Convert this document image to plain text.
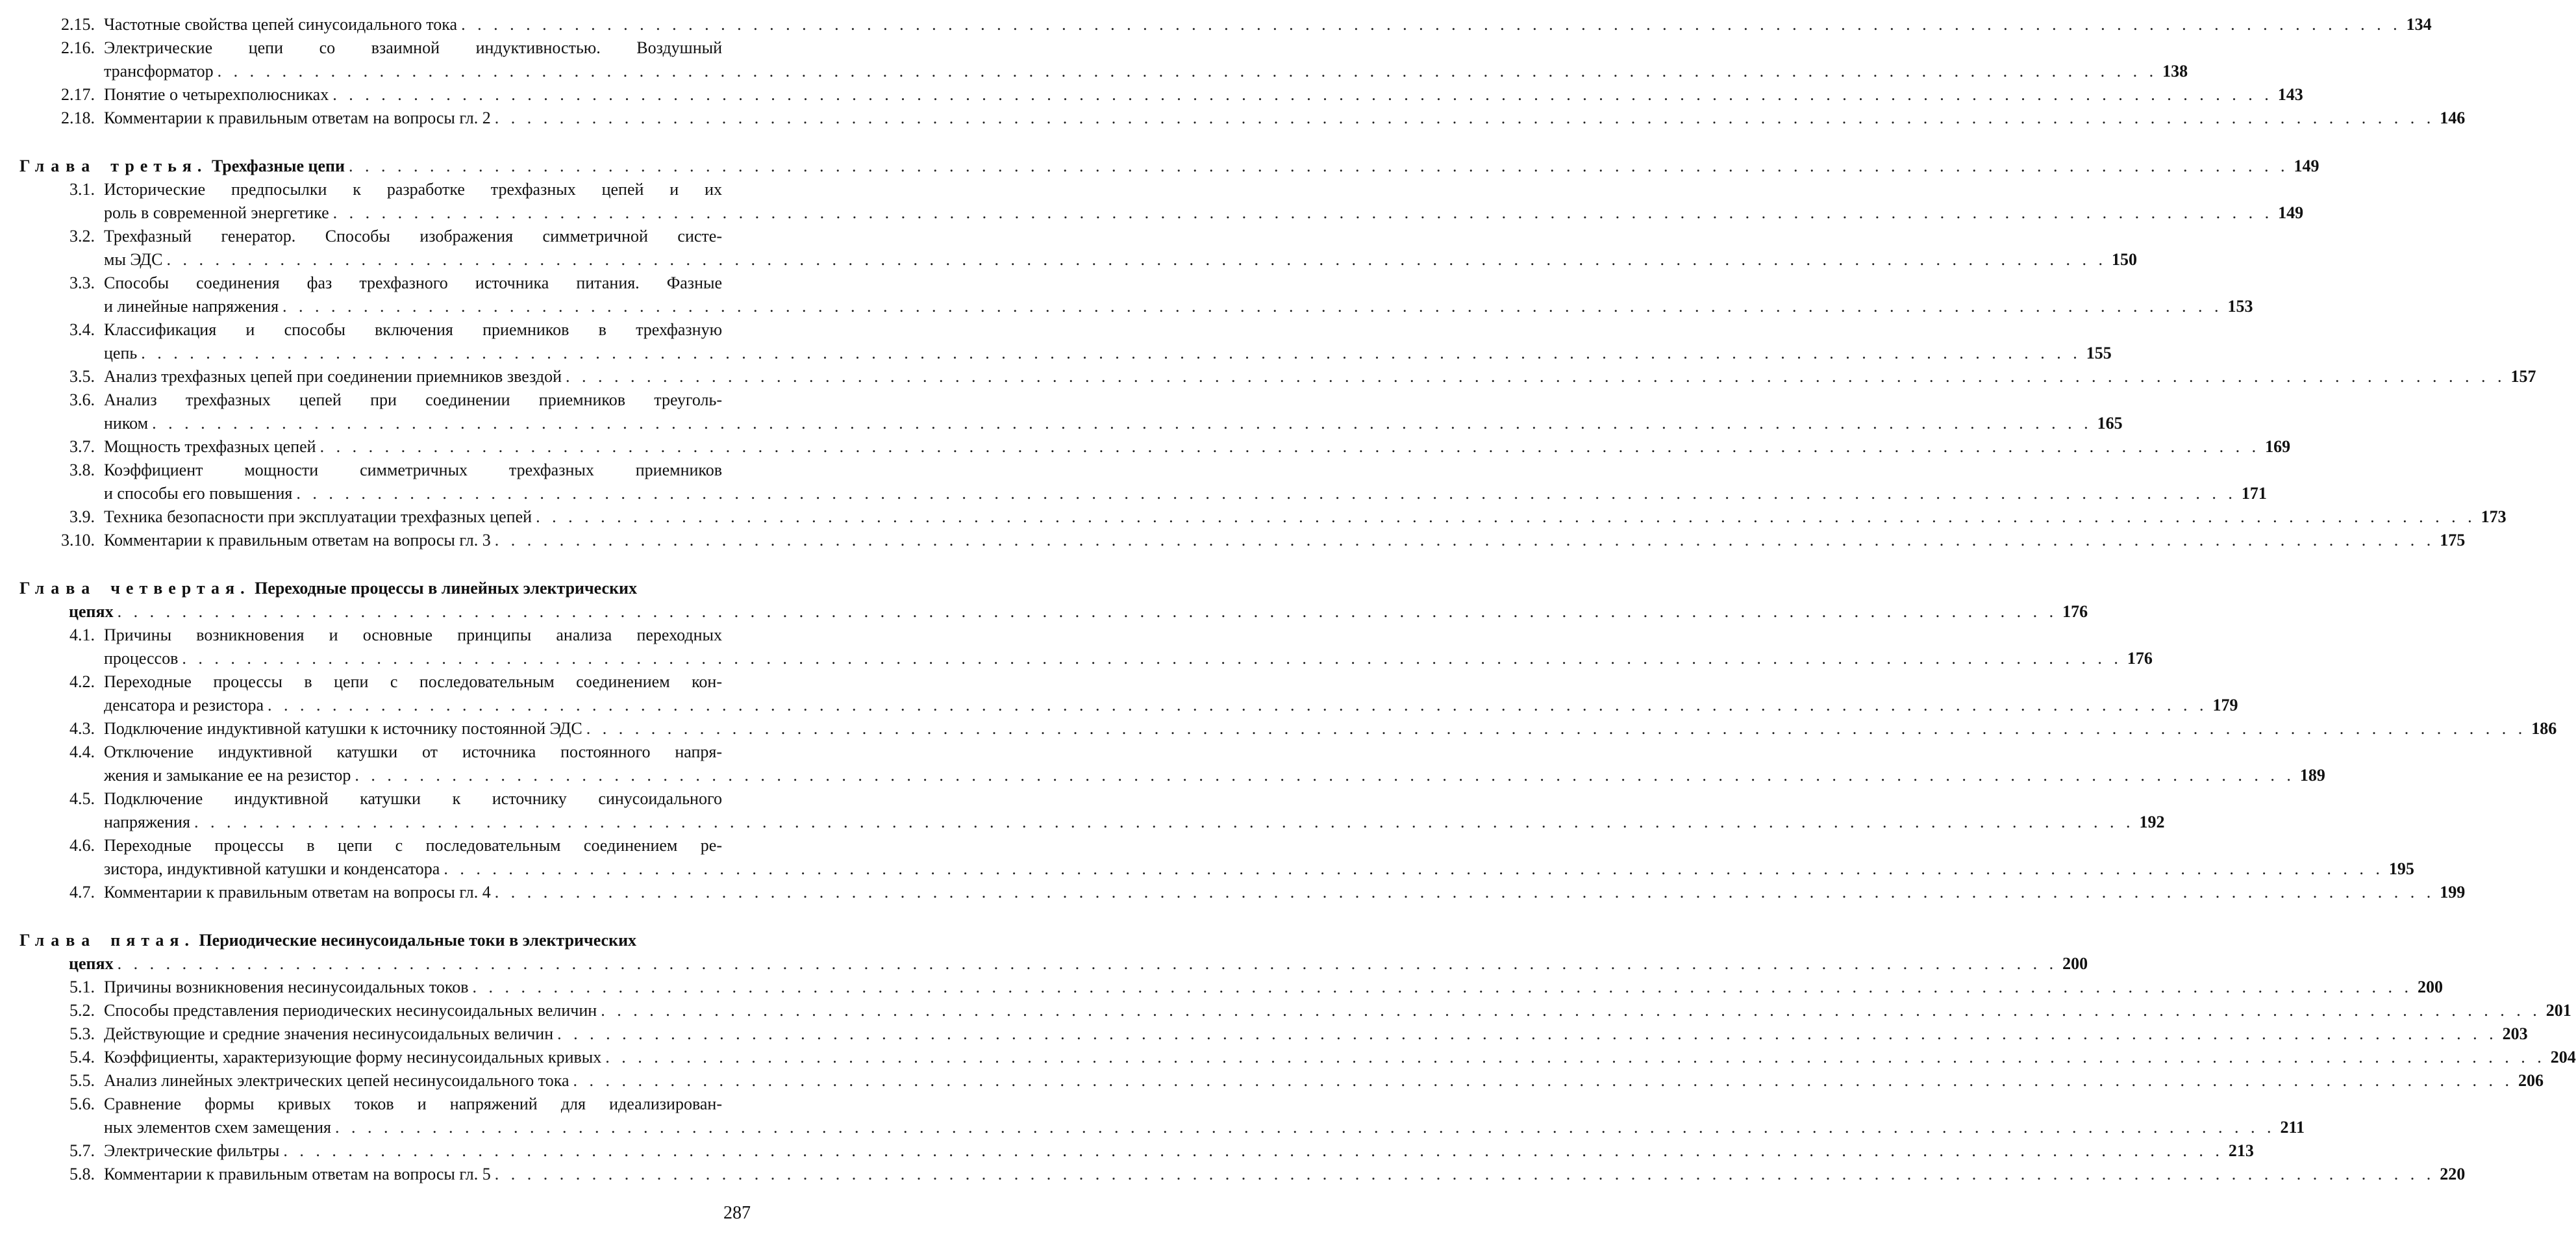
2.15. Частотные свойства цепей синусоидального тока . . . . . . . . . . . . . . . . . . . . . . . . . . . . . . . . . . . . . . . . . . . . . . . . . . . . . . . . . . . . . . . . . . . . . . . . . . . . . . . . . . . . . . . . . . . . . . . . . . . . . . . . . . . . . . . . . . . . . . . . 134
2.16. Электрические цепи со взаимной индуктивностью. Воздушный
трансформатор . . . . . . . . . . . . . . . . . . . . . . . . . . . . . . . . . . . . . . . . . . . . . . . . . . . . . . . . . . . . . . . . . . . . . . . . . . . . . . . . . . . . . . . . . . . . . . . . . . . . . . . . . . . . . . . . . . . . . . . . 138
2.17. Понятие о четырехполюсниках . . . . . . . . . . . . . . . . . . . . . . . . . . . . . . . . . . . . . . . . . . . . . . . . . . . . . . . . . . . . . . . . . . . . . . . . . . . . . . . . . . . . . . . . . . . . . . . . . . . . . . . . . . . . . . . . . . . . . . . . 143
2.18. Комментарии к правильным ответам на вопросы гл. 2 . . . . . . . . . . . . . . . . . . . . . . . . . . . . . . . . . . . . . . . . . . . . . . . . . . . . . . . . . . . . . . . . . . . . . . . . . . . . . . . . . . . . . . . . . . . . . . . . . . . . . . . . . . . . . . . . . . . . . . . . 146
Глава третья. Трехфазные цепи . . . . . . . . . . . . . . . . . . . . . . . . . . . . . . . . . . . . . . . . . . . . . . . . . . . . . . . . . . . . . . . . . . . . . . . . . . . . . . . . . . . . . . . . . . . . . . . . . . . . . . . . . . . . . . . . . . . . . . . . 149
3.1. Исторические предпосылки к разработке трехфазных цепей и их
роль в современной энергетике . . . . . . . . . . . . . . . . . . . . . . . . . . . . . . . . . . . . . . . . . . . . . . . . . . . . . . . . . . . . . . . . . . . . . . . . . . . . . . . . . . . . . . . . . . . . . . . . . . . . . . . . . . . . . . . . . . . . . . . . 149
3.2. Трехфазный генератор. Способы изображения симметричной систе-
мы ЭДС . . . . . . . . . . . . . . . . . . . . . . . . . . . . . . . . . . . . . . . . . . . . . . . . . . . . . . . . . . . . . . . . . . . . . . . . . . . . . . . . . . . . . . . . . . . . . . . . . . . . . . . . . . . . . . . . . . . . . . . . 150
3.3. Способы соединения фаз трехфазного источника питания. Фазные
и линейные напряжения . . . . . . . . . . . . . . . . . . . . . . . . . . . . . . . . . . . . . . . . . . . . . . . . . . . . . . . . . . . . . . . . . . . . . . . . . . . . . . . . . . . . . . . . . . . . . . . . . . . . . . . . . . . . . . . . . . . . . . . . 153
3.4. Классификация и способы включения приемников в трехфазную
цепь . . . . . . . . . . . . . . . . . . . . . . . . . . . . . . . . . . . . . . . . . . . . . . . . . . . . . . . . . . . . . . . . . . . . . . . . . . . . . . . . . . . . . . . . . . . . . . . . . . . . . . . . . . . . . . . . . . . . . . . . 155
3.5. Анализ трехфазных цепей при соединении приемников звездой . . . . . . . . . . . . . . . . . . . . . . . . . . . . . . . . . . . . . . . . . . . . . . . . . . . . . . . . . . . . . . . . . . . . . . . . . . . . . . . . . . . . . . . . . . . . . . . . . . . . . . . . . . . . . . . . . . . . . . . . 157
3.6. Анализ трехфазных цепей при соединении приемников треуголь-
ником . . . . . . . . . . . . . . . . . . . . . . . . . . . . . . . . . . . . . . . . . . . . . . . . . . . . . . . . . . . . . . . . . . . . . . . . . . . . . . . . . . . . . . . . . . . . . . . . . . . . . . . . . . . . . . . . . . . . . . . . 165
3.7. Мощность трехфазных цепей . . . . . . . . . . . . . . . . . . . . . . . . . . . . . . . . . . . . . . . . . . . . . . . . . . . . . . . . . . . . . . . . . . . . . . . . . . . . . . . . . . . . . . . . . . . . . . . . . . . . . . . . . . . . . . . . . . . . . . . . 169
3.8. Коэффициент мощности симметричных трехфазных приемников
и способы его повышения . . . . . . . . . . . . . . . . . . . . . . . . . . . . . . . . . . . . . . . . . . . . . . . . . . . . . . . . . . . . . . . . . . . . . . . . . . . . . . . . . . . . . . . . . . . . . . . . . . . . . . . . . . . . . . . . . . . . . . . . 171
3.9. Техника безопасности при эксплуатации трехфазных цепей . . . . . . . . . . . . . . . . . . . . . . . . . . . . . . . . . . . . . . . . . . . . . . . . . . . . . . . . . . . . . . . . . . . . . . . . . . . . . . . . . . . . . . . . . . . . . . . . . . . . . . . . . . . . . . . . . . . . . . . . 173
3.10. Комментарии к правильным ответам на вопросы гл. 3 . . . . . . . . . . . . . . . . . . . . . . . . . . . . . . . . . . . . . . . . . . . . . . . . . . . . . . . . . . . . . . . . . . . . . . . . . . . . . . . . . . . . . . . . . . . . . . . . . . . . . . . . . . . . . . . . . . . . . . . . 175
Глава четвертая. Переходные процессы в линейных электрических
цепях . . . . . . . . . . . . . . . . . . . . . . . . . . . . . . . . . . . . . . . . . . . . . . . . . . . . . . . . . . . . . . . . . . . . . . . . . . . . . . . . . . . . . . . . . . . . . . . . . . . . . . . . . . . . . . . . . . . . . . . . 176
4.1. Причины возникновения и основные принципы анализа переходных
процессов . . . . . . . . . . . . . . . . . . . . . . . . . . . . . . . . . . . . . . . . . . . . . . . . . . . . . . . . . . . . . . . . . . . . . . . . . . . . . . . . . . . . . . . . . . . . . . . . . . . . . . . . . . . . . . . . . . . . . . . . 176
4.2. Переходные процессы в цепи с последовательным соединением кон-
денсатора и резистора . . . . . . . . . . . . . . . . . . . . . . . . . . . . . . . . . . . . . . . . . . . . . . . . . . . . . . . . . . . . . . . . . . . . . . . . . . . . . . . . . . . . . . . . . . . . . . . . . . . . . . . . . . . . . . . . . . . . . . . . 179
4.3. Подключение индуктивной катушки к источнику постоянной ЭДС . . . . . . . . . . . . . . . . . . . . . . . . . . . . . . . . . . . . . . . . . . . . . . . . . . . . . . . . . . . . . . . . . . . . . . . . . . . . . . . . . . . . . . . . . . . . . . . . . . . . . . . . . . . . . . . . . . . . . . . . 186
4.4. Отключение индуктивной катушки от источника постоянного напря-
жения и замыкание ее на резистор . . . . . . . . . . . . . . . . . . . . . . . . . . . . . . . . . . . . . . . . . . . . . . . . . . . . . . . . . . . . . . . . . . . . . . . . . . . . . . . . . . . . . . . . . . . . . . . . . . . . . . . . . . . . . . . . . . . . . . . . 189
4.5. Подключение индуктивной катушки к источнику синусоидального
напряжения . . . . . . . . . . . . . . . . . . . . . . . . . . . . . . . . . . . . . . . . . . . . . . . . . . . . . . . . . . . . . . . . . . . . . . . . . . . . . . . . . . . . . . . . . . . . . . . . . . . . . . . . . . . . . . . . . . . . . . . . 192
4.6. Переходные процессы в цепи с последовательным соединением ре-
зистора, индуктивной катушки и конденсатора . . . . . . . . . . . . . . . . . . . . . . . . . . . . . . . . . . . . . . . . . . . . . . . . . . . . . . . . . . . . . . . . . . . . . . . . . . . . . . . . . . . . . . . . . . . . . . . . . . . . . . . . . . . . . . . . . . . . . . . . 195
4.7. Комментарии к правильным ответам на вопросы гл. 4 . . . . . . . . . . . . . . . . . . . . . . . . . . . . . . . . . . . . . . . . . . . . . . . . . . . . . . . . . . . . . . . . . . . . . . . . . . . . . . . . . . . . . . . . . . . . . . . . . . . . . . . . . . . . . . . . . . . . . . . . 199
Глава пятая. Периодические несинусоидальные токи в электрических
цепях . . . . . . . . . . . . . . . . . . . . . . . . . . . . . . . . . . . . . . . . . . . . . . . . . . . . . . . . . . . . . . . . . . . . . . . . . . . . . . . . . . . . . . . . . . . . . . . . . . . . . . . . . . . . . . . . . . . . . . . . 200
5.1. Причины возникновения несинусоидальных токов . . . . . . . . . . . . . . . . . . . . . . . . . . . . . . . . . . . . . . . . . . . . . . . . . . . . . . . . . . . . . . . . . . . . . . . . . . . . . . . . . . . . . . . . . . . . . . . . . . . . . . . . . . . . . . . . . . . . . . . . 200
5.2. Способы представления периодических несинусоидальных величин . . . . . . . . . . . . . . . . . . . . . . . . . . . . . . . . . . . . . . . . . . . . . . . . . . . . . . . . . . . . . . . . . . . . . . . . . . . . . . . . . . . . . . . . . . . . . . . . . . . . . . . . . . . . . . . . . . . . . . . . 201
5.3. Действующие и средние значения несинусоидальных величин . . . . . . . . . . . . . . . . . . . . . . . . . . . . . . . . . . . . . . . . . . . . . . . . . . . . . . . . . . . . . . . . . . . . . . . . . . . . . . . . . . . . . . . . . . . . . . . . . . . . . . . . . . . . . . . . . . . . . . . . 203
5.4. Коэффициенты, характеризующие форму несинусоидальных кривых . . . . . . . . . . . . . . . . . . . . . . . . . . . . . . . . . . . . . . . . . . . . . . . . . . . . . . . . . . . . . . . . . . . . . . . . . . . . . . . . . . . . . . . . . . . . . . . . . . . . . . . . . . . . . . . . . . . . . . . . 204
5.5. Анализ линейных электрических цепей несинусоидального тока . . . . . . . . . . . . . . . . . . . . . . . . . . . . . . . . . . . . . . . . . . . . . . . . . . . . . . . . . . . . . . . . . . . . . . . . . . . . . . . . . . . . . . . . . . . . . . . . . . . . . . . . . . . . . . . . . . . . . . . . 206
5.6. Сравнение формы кривых токов и напряжений для идеализирован-
ных элементов схем замещения . . . . . . . . . . . . . . . . . . . . . . . . . . . . . . . . . . . . . . . . . . . . . . . . . . . . . . . . . . . . . . . . . . . . . . . . . . . . . . . . . . . . . . . . . . . . . . . . . . . . . . . . . . . . . . . . . . . . . . . . 211
5.7. Электрические фильтры . . . . . . . . . . . . . . . . . . . . . . . . . . . . . . . . . . . . . . . . . . . . . . . . . . . . . . . . . . . . . . . . . . . . . . . . . . . . . . . . . . . . . . . . . . . . . . . . . . . . . . . . . . . . . . . . . . . . . . . . 213
5.8. Комментарии к правильным ответам на вопросы гл. 5 . . . . . . . . . . . . . . . . . . . . . . . . . . . . . . . . . . . . . . . . . . . . . . . . . . . . . . . . . . . . . . . . . . . . . . . . . . . . . . . . . . . . . . . . . . . . . . . . . . . . . . . . . . . . . . . . . . . . . . . . 220
287
